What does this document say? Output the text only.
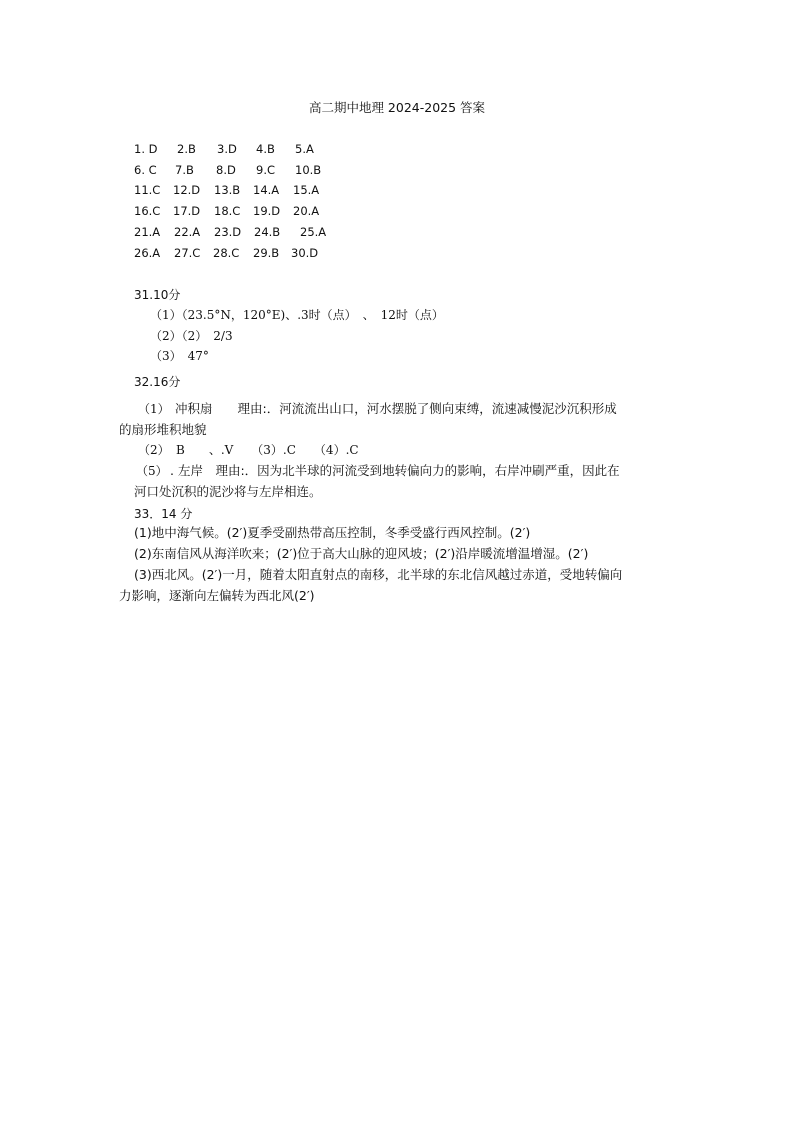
高二期中地理 2024-2025 答案
1. D 2.B 3.D 4.B 5.A
6. C 7.B 8.D 9.C 10.B
11.C 12.D 13.B 14.A 15.A
16.C 17.D 18.C 19.D 20.A
21.A 22.A 23.D 24.B 25.A
26.A 27.C 28.C 29.B 30.D
31.10分
（1）（23.5°N，120°E)、.3时（点）　、　12时（点）
（2）（2）　2/3
（3）　47°
32.16分
（1） 冲积扇　　理由:．河流流出山口，河水摆脱了侧向束缚，流速减慢泥沙沉积形成
的扇形堆积地貌
（2） B　　、.V　　（3）.C　　（4）.C
（5） . 左岸　理由:．因为北半球的河流受到地转偏向力的影响，右岸冲刷严重，因此在
河口处沉积的泥沙将与左岸相连。
33．14 分
(1)地中海气候。(2′)夏季受副热带高压控制，冬季受盛行西风控制。(2′)
(2)东南信风从海洋吹来；(2′)位于高大山脉的迎风坡；(2′)沿岸暖流增温增湿。(2′)
(3)西北风。(2′)一月，随着太阳直射点的南移，北半球的东北信风越过赤道，受地转偏向
力影响，逐渐向左偏转为西北风(2′)
